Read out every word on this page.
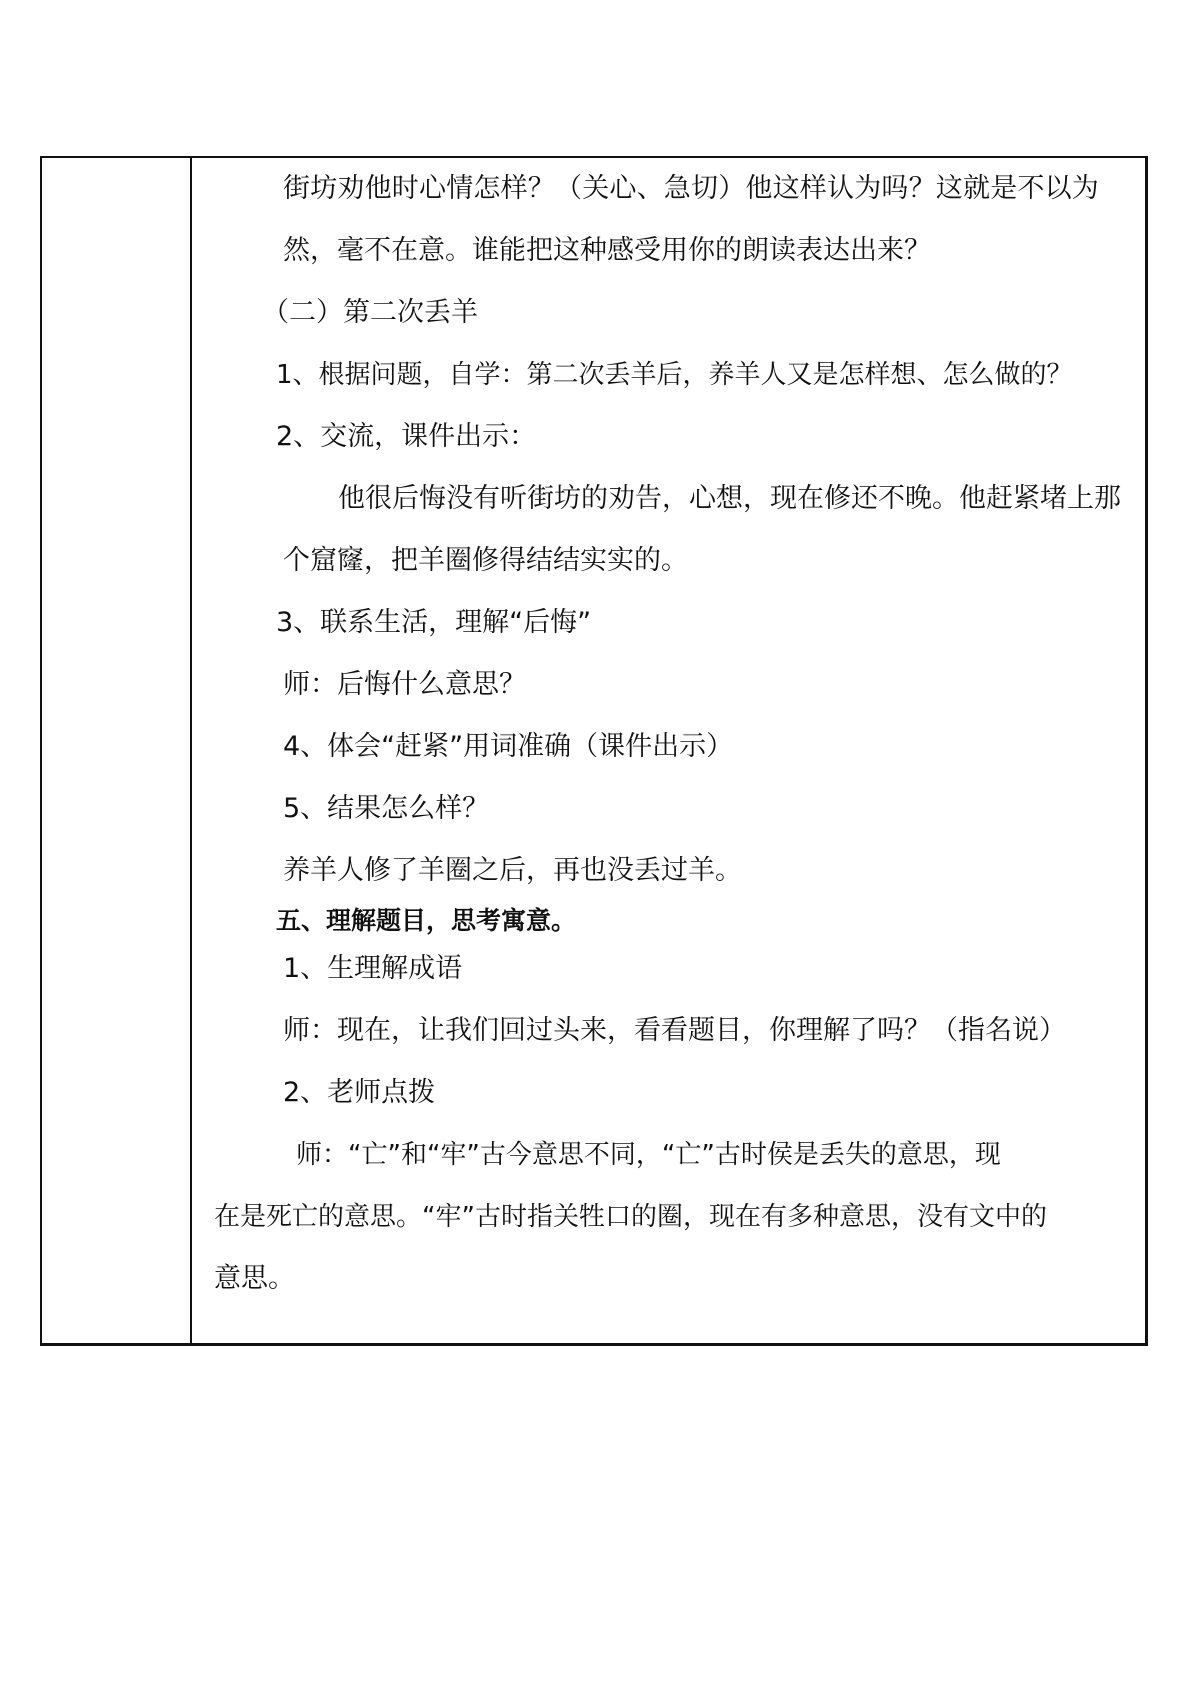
街坊劝他时心情怎样？（关心、急切）他这样认为吗？这就是不以为
然，毫不在意。谁能把这种感受用你的朗读表达出来？
（二）第二次丢羊
1、根据问题，自学：第二次丢羊后，养羊人又是怎样想、怎么做的？
2、交流，课件出示：
他很后悔没有听街坊的劝告，心想，现在修还不晚。他赶紧堵上那
个窟窿，把羊圈修得结结实实的。
3、联系生活，理解“后悔”
师：后悔什么意思？
4、体会“赶紧”用词准确（课件出示）
5、结果怎么样？
养羊人修了羊圈之后，再也没丢过羊。
五、理解题目，思考寓意。
1、生理解成语
师：现在，让我们回过头来，看看题目，你理解了吗？（指名说）
2、老师点拨
师：“亡”和“牢”古今意思不同，“亡”古时侯是丢失的意思，现
在是死亡的意思。“牢”古时指关牲口的圈，现在有多种意思，没有文中的
意思。
